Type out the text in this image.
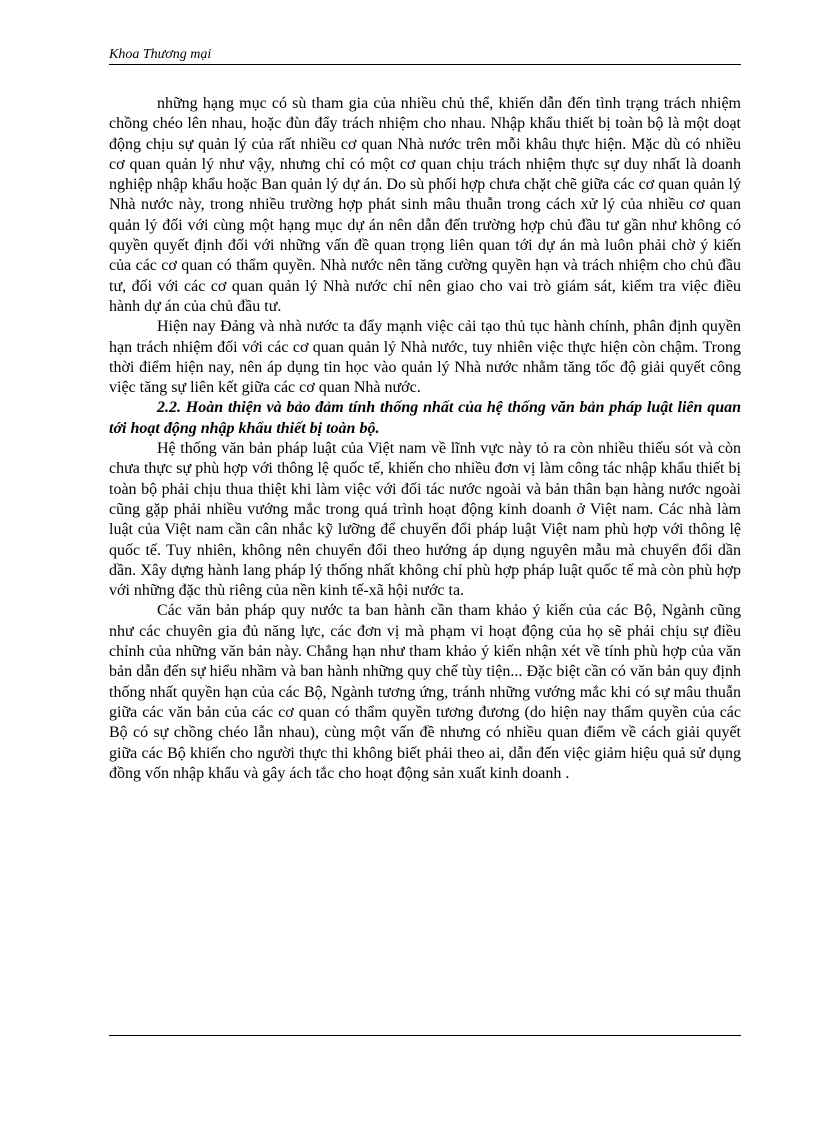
Khoa Thương mại

những hạng mục có sù tham gia của nhiều chủ thể, khiến dẫn đến tình trạng trách nhiệm chồng chéo lên nhau, hoặc đùn đẩy trách nhiệm cho nhau. Nhập khẩu thiết bị toàn bộ là một doạt động chịu sự quản lý của rất nhiều cơ quan Nhà nước trên mỗi khâu thực hiện. Mặc dù có nhiều cơ quan quản lý như vậy, nhưng chỉ có một cơ quan chịu trách nhiệm thực sự duy nhất là doanh nghiệp nhập khẩu hoặc Ban quản lý dự án. Do sù phối hợp chưa chặt chẽ giữa các cơ quan quản lý Nhà nước này, trong nhiều trường hợp phát sinh mâu thuẫn trong cách xử lý của nhiều cơ quan quản lý đối với cùng một hạng mục dự án nên dẫn đến trường hợp chủ đầu tư gần như không có quyền quyết định đối với những vấn đề quan trọng liên quan tới dự án mà luôn phải chờ ý kiến của các cơ quan có thẩm quyền. Nhà nước nên tăng cường quyền hạn và trách nhiệm cho chủ đầu tư, đối với các cơ quan quản lý Nhà nước chỉ nên giao cho vai trò giám sát, kiểm tra việc điều hành dự án của chủ đầu tư.

Hiện nay Đảng và nhà nước ta đẩy mạnh việc cải tạo thủ tục hành chính, phân định quyền hạn trách nhiệm đối với các cơ quan quản lý Nhà nước, tuy nhiên việc thực hiện còn chậm. Trong thời điểm hiện nay, nên áp dụng tin học vào quản lý Nhà nước nhằm tăng tốc độ giải quyết công việc tăng sự liên kết giữa các cơ quan Nhà nước.

2.2. Hoàn thiện và bảo đảm tính thống nhất của hệ thống văn bản pháp luật liên quan tới hoạt động nhập khẩu thiết bị toàn bộ.

Hệ thống văn bản pháp luật của Việt nam về lĩnh vực này tỏ ra còn nhiều thiếu sót và còn chưa thực sự phù hợp với thông lệ quốc tế, khiến cho nhiều đơn vị làm công tác nhập khẩu thiết bị toàn bộ phải chịu thua thiệt khi làm việc với đối tác nước ngoài và bản thân bạn hàng nước ngoài cũng gặp phải nhiều vướng mắc trong quá trình hoạt động kinh doanh ở Việt nam. Các nhà làm luật của Việt nam cần cân nhắc kỹ lưỡng để chuyển đổi pháp luật Việt nam phù hợp với thông lệ quốc tế. Tuy nhiên, không nên chuyển đổi theo hướng áp dụng nguyên mẫu mà chuyển đổi dần dần. Xây dựng hành lang pháp lý thống nhất không chỉ phù hợp pháp luật quốc tế mà còn phù hợp với những đặc thù riêng của nền kinh tế-xã hội nước ta.

Các văn bản pháp quy nước ta ban hành cần tham khảo ý kiến của các Bộ, Ngành cũng như các chuyên gia đủ năng lực, các đơn vị mà phạm vi hoạt động của họ sẽ phải chịu sự điều chỉnh của những văn bản này. Chẳng hạn như tham khảo ý kiến nhận xét về tính phù hợp của văn bản dẫn đến sự hiểu nhầm và ban hành những quy chế tùy tiện... Đặc biệt cần có văn bản quy định thống nhất quyền hạn của các Bộ, Ngành tương ứng, tránh những vướng mắc khi có sự mâu thuẫn giữa các văn bản của các cơ quan có thẩm quyền tương đương (do hiện nay thẩm quyền của các Bộ có sự chồng chéo lẫn nhau), cùng một vấn đề nhưng có nhiều quan điểm về cách giải quyết giữa các Bộ khiến cho người thực thi không biết phải theo ai, dẫn đến việc giảm hiệu quả sử dụng đồng vốn nhập khẩu và gây ách tắc cho hoạt động sản xuất kinh doanh .
